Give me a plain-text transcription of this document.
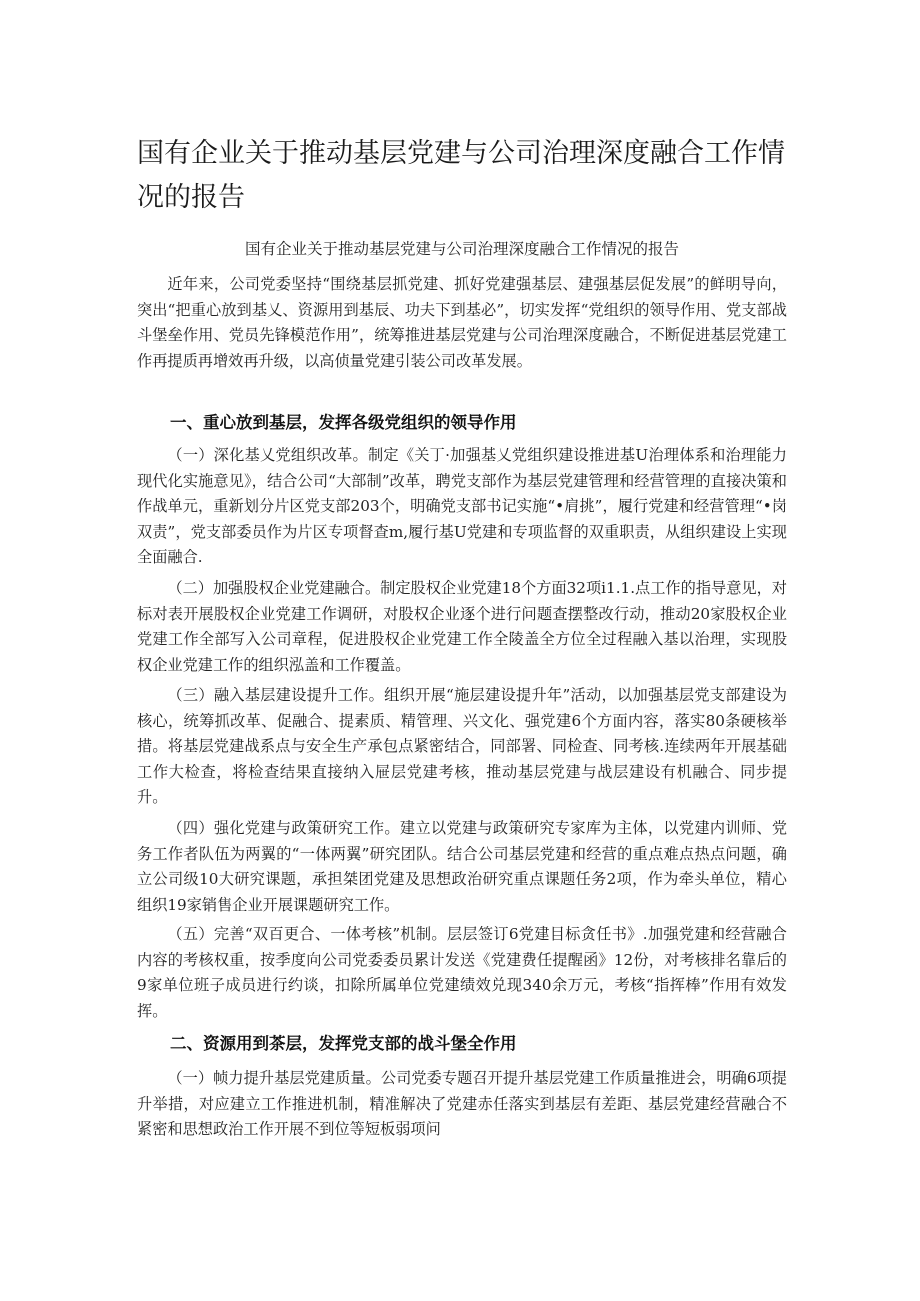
国有企业关于推动基层党建与公司治理深度融合工作情况的报告

国有企业关于推动基层党建与公司治理深度融合工作情况的报告

近年来，公司党委坚持“围绕基层抓党建、抓好党建强基层、建强基层促发展”的鲜明导向，突出“把重心放到基乂、资源用到基辰、功夫下到基必”，切实发挥“党组织的领导作用、党支部战斗堡垒作用、党员先锋模范作用”，统筹推进基层党建与公司治理深度融合，不断促进基层党建工作再提质再增效再升级，以高侦量党建引装公司改革发展。

一、重心放到基层，发挥各级党组织的领导作用

（一）深化基乂党组织改革。制定《关丁·加强基乂党组织建设推进基U治理体系和治理能力现代化实施意见》，结合公司“大部制”改革，聘党支部作为基层党建管理和经营管理的直接决策和作战单元，重新划分片区党支部203个，明确党支部书记实施“•肩挑”，履行党建和经营管理“•岗双责”，党支部委员作为片区专项督查m,履行基U党建和专项监督的双重职责，从组织建设上实现全面融合.

（二）加强股权企业党建融合。制定股权企业党建18个方面32项i1.1.点工作的指导意见，对标对表开展股权企业党建工作调研，对股权企业逐个进行问题查摆整改行动，推动20家股权企业党建工作全部写入公司章程，促进股权企业党建工作全陵盖全方位全过程融入基以治理，实现股权企业党建工作的组织泓盖和工作覆盖。

（三）融入基层建设提升工作。组织开展“施层建设提升年”活动，以加强基层党支部建设为核心，统筹抓改革、促融合、提素质、精管理、兴文化、强党建6个方面内容，落实80条硬核举措。将基层党建战系点与安全生产承包点紧密结合，同部署、同检查、同考核.连续两年开展基础工作大检查，将检查结果直接纳入屉层党建考核，推动基层党建与战层建设有机融合、同步提升。

（四）强化党建与政策研究工作。建立以党建与政策研究专家库为主体，以党建内训师、党务工作者队伍为两翼的“一体两翼”研究团队。结合公司基层党建和经营的重点难点热点问题，确立公司级10大研究课题，承担桀团党建及思想政治研究重点课题任务2项，作为牵头单位，精心组织19家销售企业开展课题研究工作。

（五）完善“双百更合、一体考核”机制。层层签订6党建目标贪任书》.加强党建和经营融合内容的考核权重，按季度向公司党委委员累计发送《党建费任提醒函》12份，对考核排名靠后的9家单位班子成员进行约谈，扣除所属单位党建绩效兑现340余万元，考核“指挥棒”作用有效发挥。

二、资源用到茶层，发挥党支部的战斗堡全作用

（一）帧力提升基层党建质量。公司党委专题召开提升基层党建工作质量推进会，明确6项提升举措，对应建立工作推进机制，精准解决了党建赤任落实到基层有差距、基层党建经营融合不紧密和思想政治工作开展不到位等短板弱项问
